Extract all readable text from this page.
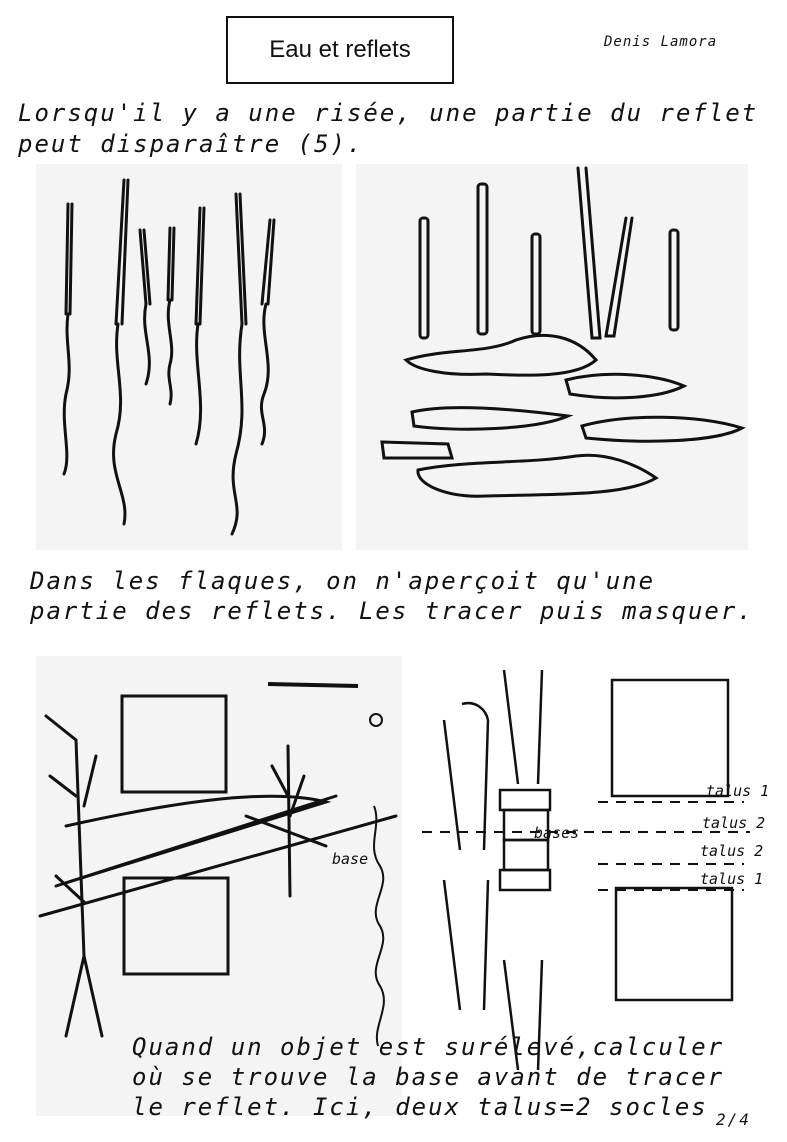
Eau et reflets	Denis Lamora
Lorsqu'il y a une risée, une partie du reflet peut disparaître (5).
Dans les flaques, on n'aperçoit qu'une partie des reflets. Les tracer puis masquer.
base
bases
talus 1
talus 2
talus 2
talus 1
Quand un objet est surélevé,calculer
où se trouve la base avant de tracer
le reflet. Ici, deux talus=2 socles 2/4
